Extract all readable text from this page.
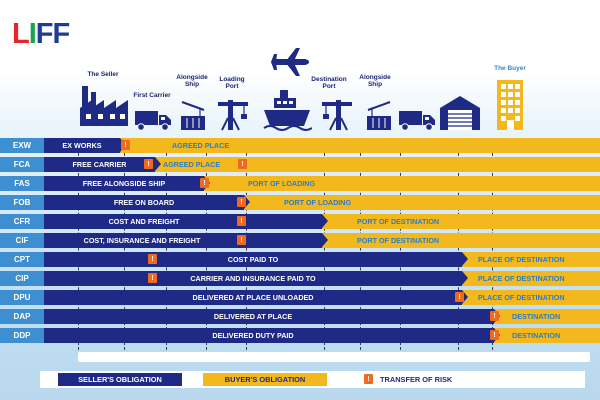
L I F F
The Seller
First Carrier
Alongside Ship
Loading Port
Destination Port
Alongside Ship
The Buyer
EXW	EX WORKS	AGREED PLACE
!
FCA	FREE CARRIER	AGREED PLACE
!	!
FAS	FREE ALONGSIDE SHIP	PORT OF LOADING
!
FOB	FREE ON BOARD	PORT OF LOADING
!
CFR	COST AND FREIGHT	PORT OF DESTINATION
!
CIF	COST, INSURANCE AND FREIGHT	PORT OF DESTINATION
!
CPT	COST PAID TO	PLACE OF DESTINATION
!
CIP	CARRIER AND INSURANCE PAID TO	PLACE OF DESTINATION
!
DPU	DELIVERED AT PLACE UNLOADED	PLACE OF DESTINATION
!
DAP	DELIVERED AT PLACE	DESTINATION
!
DDP	DELIVERED DUTY PAID	DESTINATION
!
SELLER'S OBLIGATION	BUYER'S OBLIGATION	!	TRANSFER OF RISK
